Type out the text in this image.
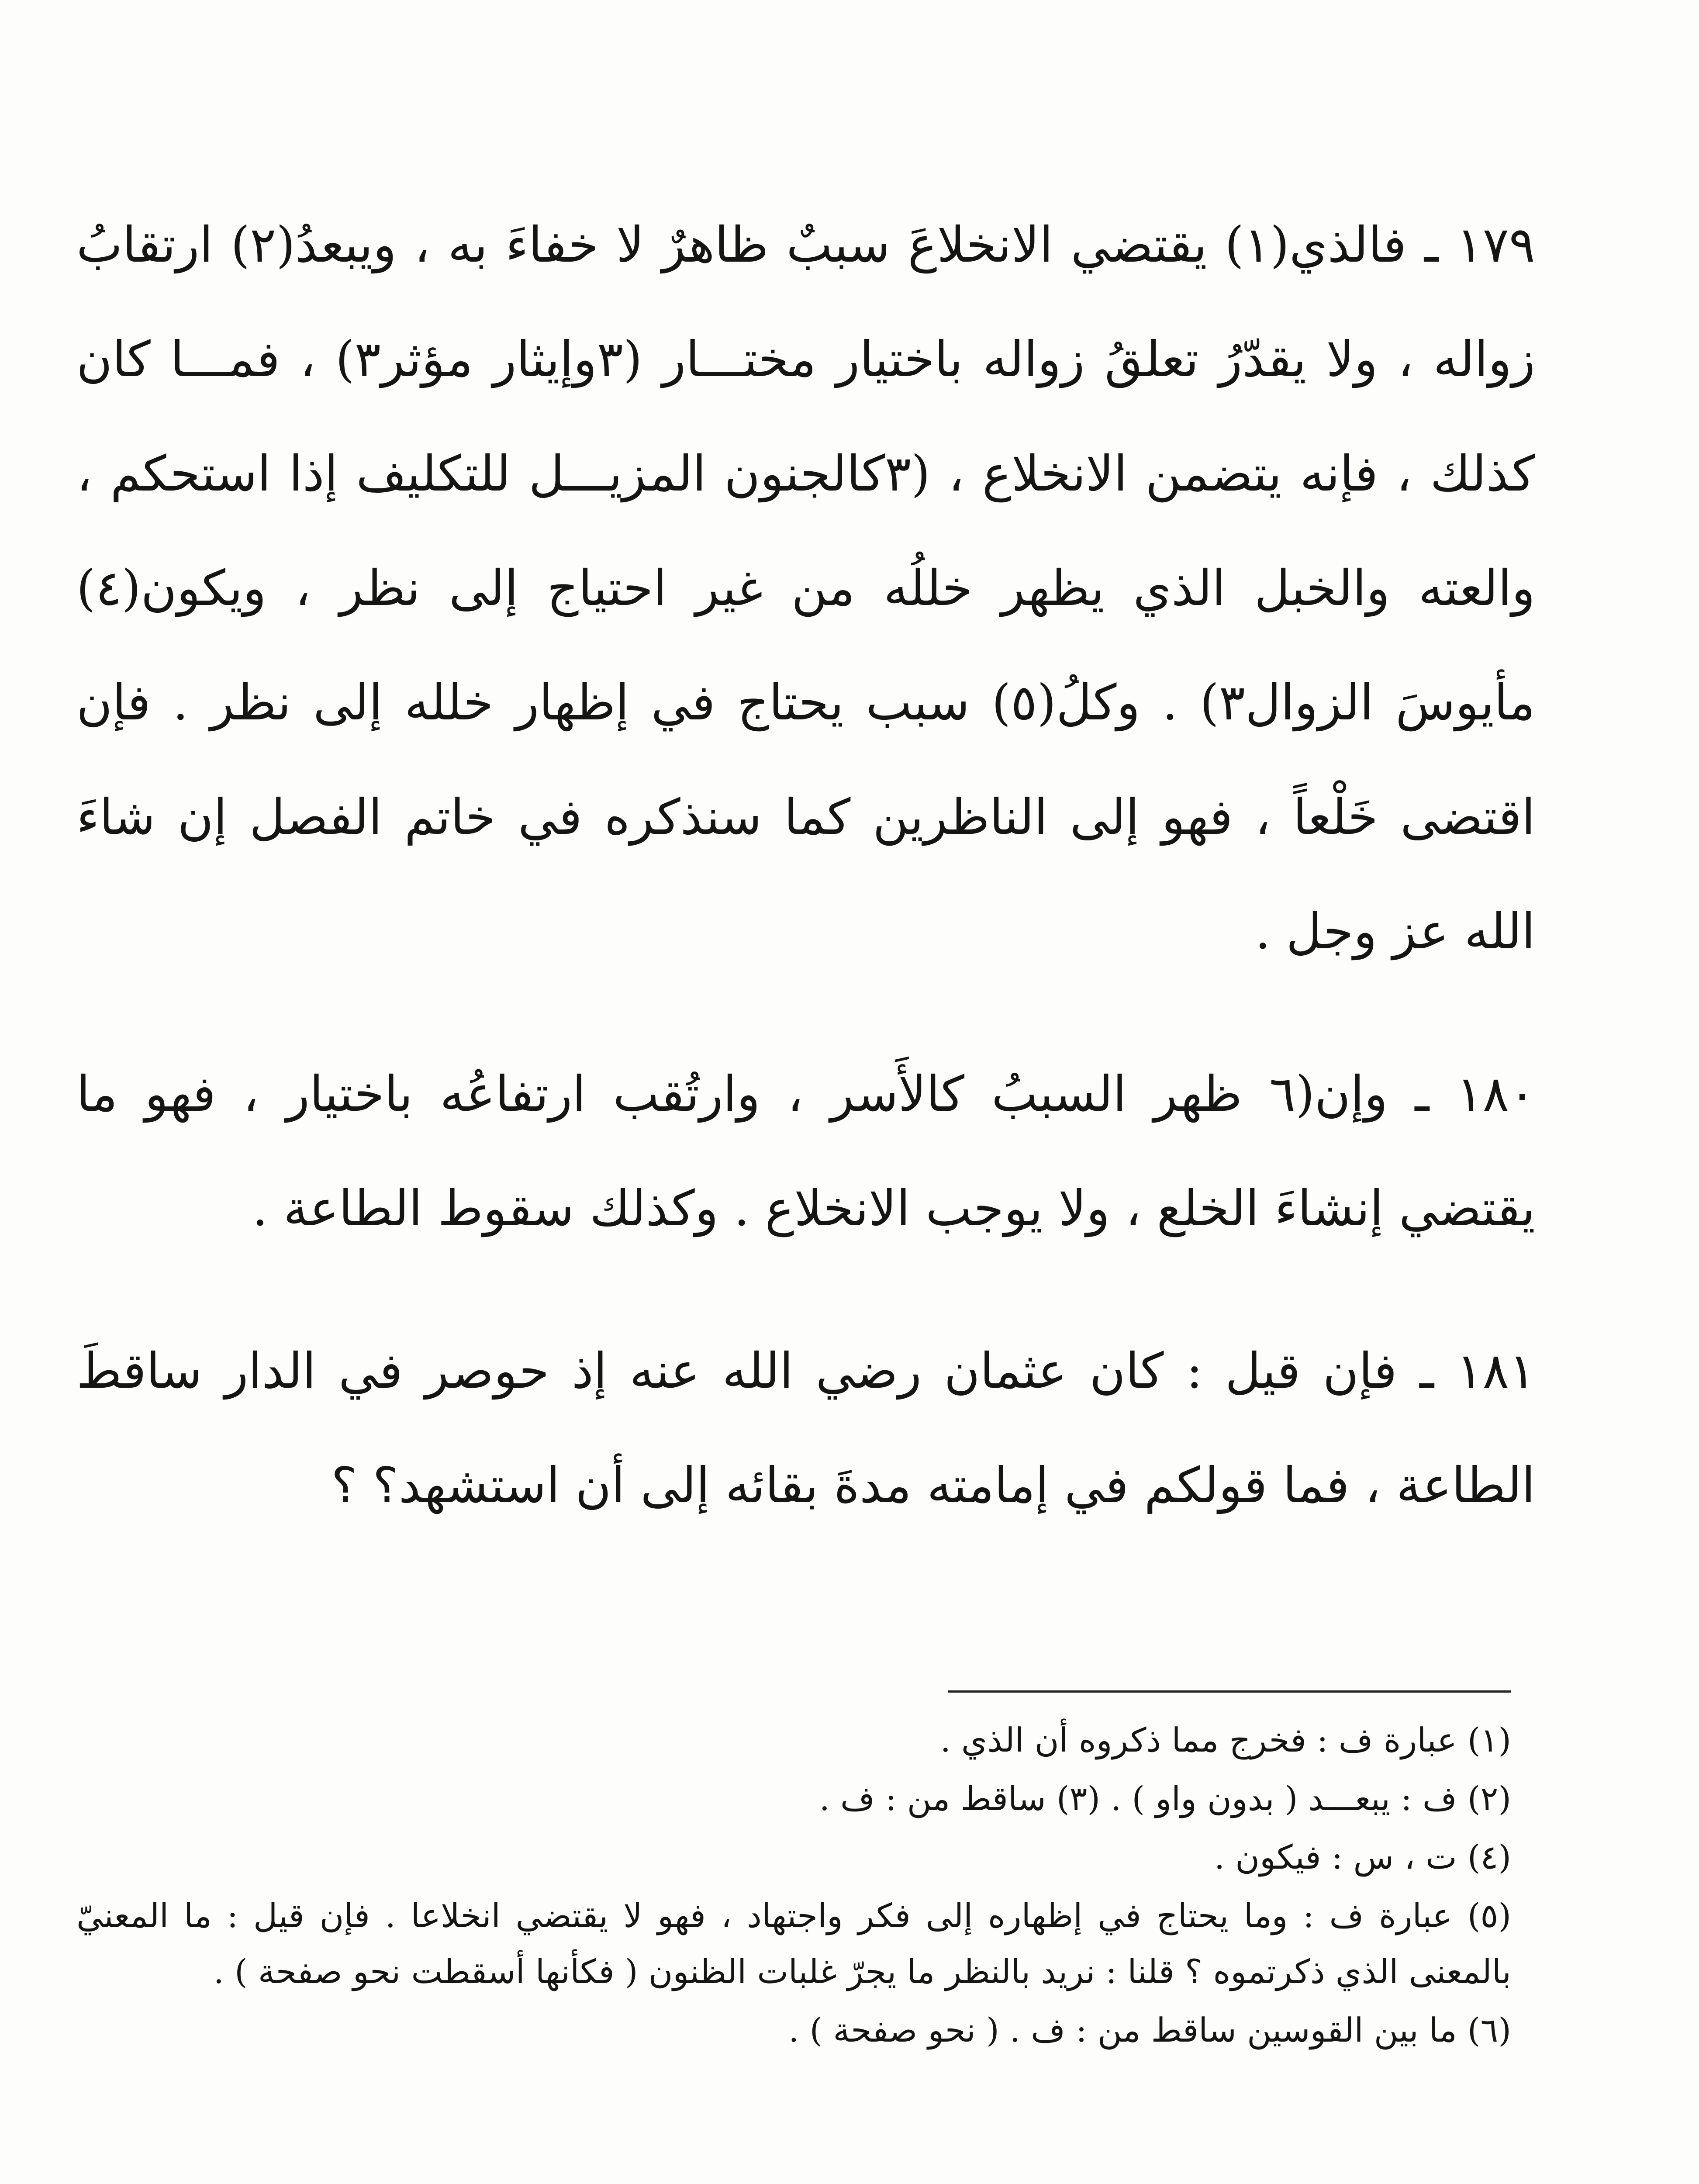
١٧٩ ـ فالذي(١) يقتضي الانخلاعَ سببٌ ظاهرٌ لا خفاءَ به ، ويبعدُ(٢) ارتقابُ زواله ، ولا يقدّرُ تعلقُ زواله باختيار مختـــار (٣وإيثار مؤثر٣) ، فمـــا كان كذلك ، فإنه يتضمن الانخلاع ، (٣كالجنون المزيـــل للتكليف إذا استحكم ، والعته والخبل الذي يظهر خللُه من غير احتياج إلى نظر ، ويكون(٤) مأيوسَ الزوال٣) . وكلُ(٥) سبب يحتاج في إظهار خلله إلى نظر . فإن اقتضى خَلْعاً ، فهو إلى الناظرين كما سنذكره في خاتم الفصل إن شاءَ الله عز وجل .

١٨٠ ـ وإن(٦ ظهر السببُ كالأَسر ، وارتُقب ارتفاعُه باختيار ، فهو ما يقتضي إنشاءَ الخلع ، ولا يوجب الانخلاع . وكذلك سقوط الطاعة .

١٨١ ـ فإن قيل : كان عثمان رضي الله عنه إذ حوصر في الدار ساقطَ الطاعة ، فما قولكم في إمامته مدةَ بقائه إلى أن استشهد؟ ؟

(١) عبارة ف : فخرج مما ذكروه أن الذي .

(٢) ف : يبعـــد ( بدون واو ) . (٣) ساقط من : ف .

(٤) ت ، س : فيكون .

(٥) عبارة ف : وما يحتاج في إظهاره إلى فكر واجتهاد ، فهو لا يقتضي انخلاعا . فإن قيل : ما المعنيّ بالمعنى الذي ذكرتموه ؟ قلنا : نريد بالنظر ما يجرّ غلبات الظنون ( فكأنها أسقطت نحو صفحة ) .

(٦) ما بين القوسين ساقط من : ف . ( نحو صفحة ) .
